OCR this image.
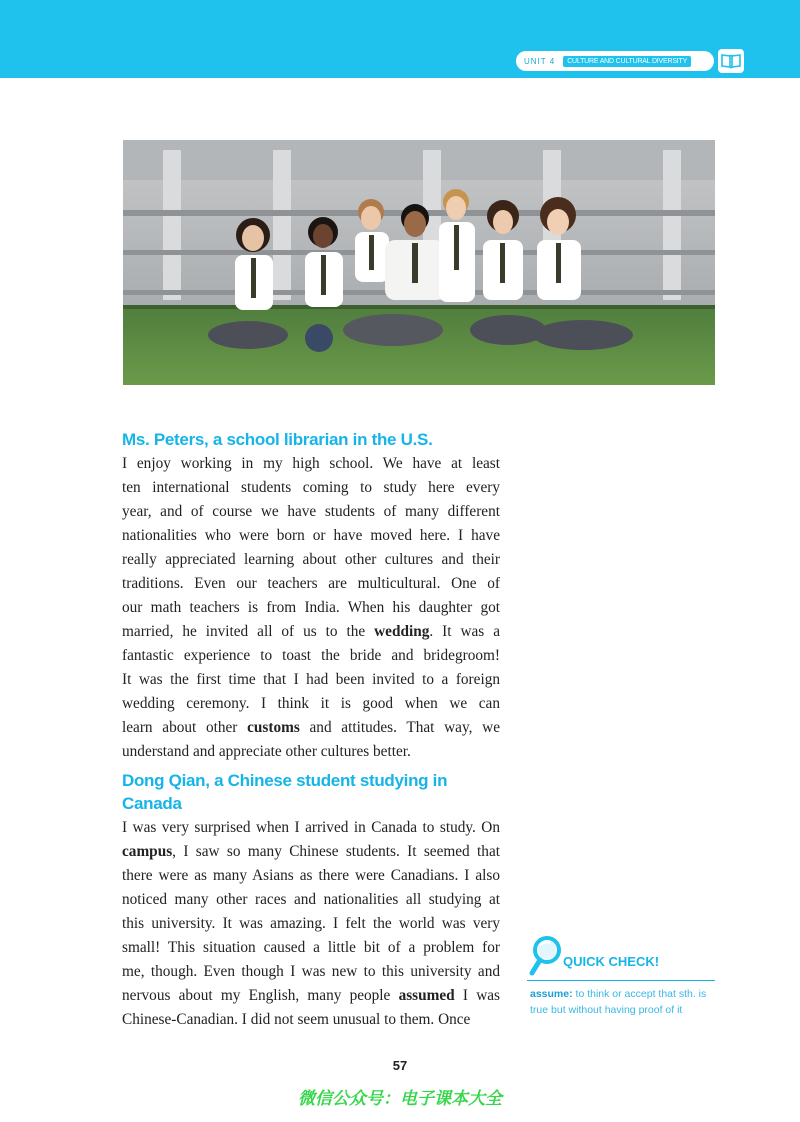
UNIT 4	CULTURE AND CULTURAL DIVERSITY
Ms. Peters, a school librarian in the U.S.

I enjoy working in my high school. We have at least
ten international students coming to study here every
year, and of course we have students of many different
nationalities who were born or have moved here. I have
really appreciated learning about other cultures and their
traditions. Even our teachers are multicultural. One of
our math teachers is from India. When his daughter got
married, he invited all of us to the wedding. It was a
fantastic experience to toast the bride and bridegroom!
It was the first time that I had been invited to a foreign
wedding ceremony. I think it is good when we can
learn about other customs and attitudes. That way, we
understand and appreciate other cultures better.

Dong Qian, a Chinese student studying in
Canada

I was very surprised when I arrived in Canada to study. On
campus, I saw so many Chinese students. It seemed that
there were as many Asians as there were Canadians. I also
noticed many other races and nationalities all studying at
this university. It was amazing. I felt the world was very
small! This situation caused a little bit of a problem for
me, though. Even though I was new to this university and
nervous about my English, many people assumed I was
Chinese-Canadian. I did not seem unusual to them. Once

QUICK CHECK!
assume: to think or accept that sth. is true but without having proof of it
57
微信公众号：电子课本大全
